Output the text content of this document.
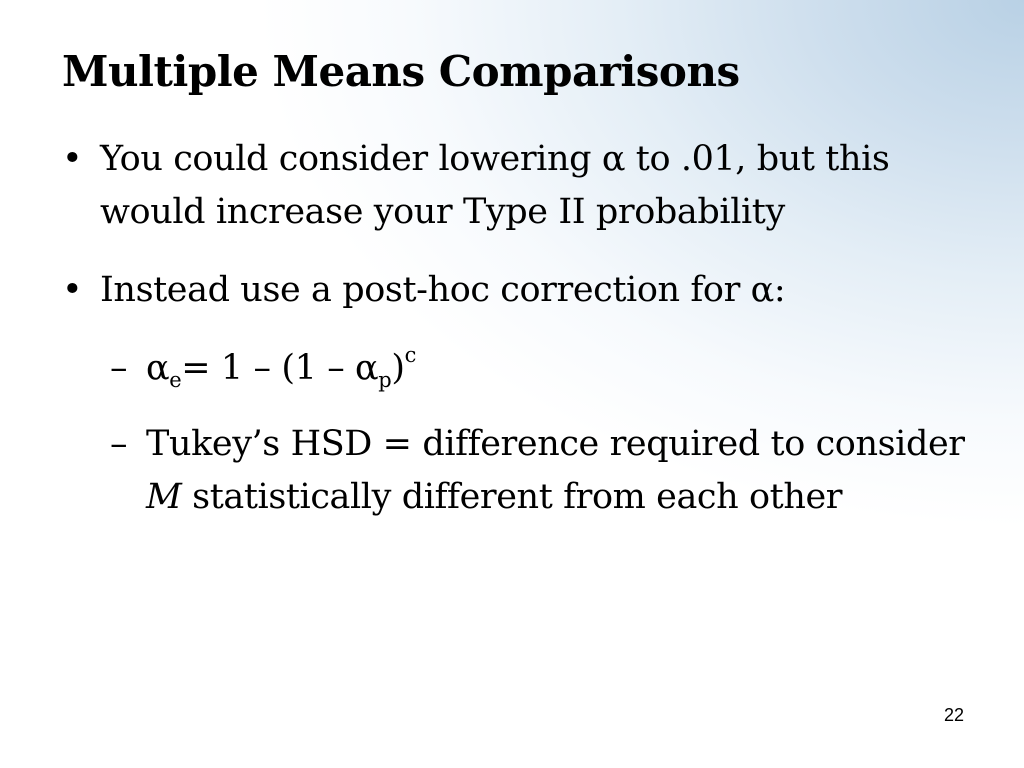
Multiple Means Comparisons
• You could consider lowering α to .01, but this would increase your Type II probability
• Instead use a post-hoc correction for α:
– $\alpha_e= 1 - (1 - \alpha_p)^c$
– Tukey’s HSD = difference required to consider M statistically different from each other
22
